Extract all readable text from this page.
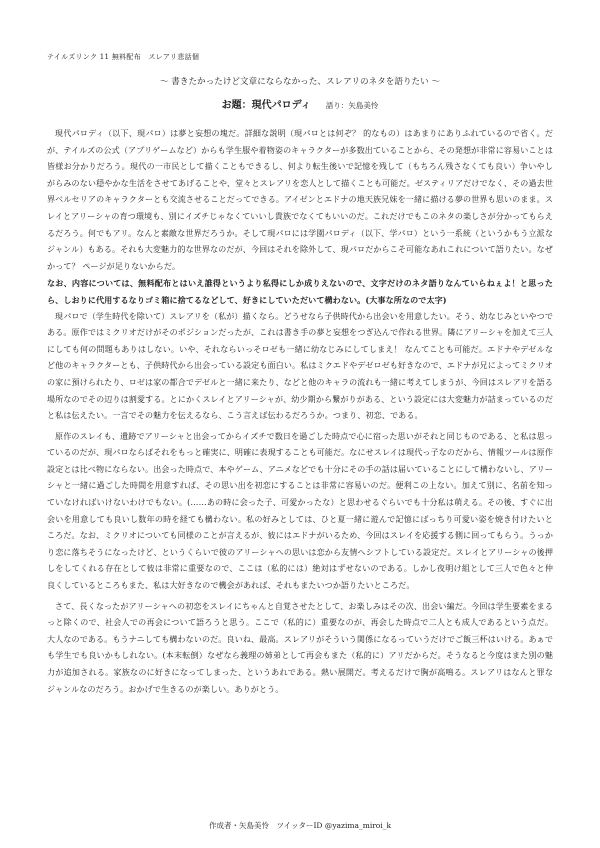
テイルズリンク 11 無料配布　スレアリ悲話個
〜 書きたかったけど文章にならなかった、スレアリのネタを語りたい 〜
お題：現代パロディ 語り：矢島美怜

現代パロディ（以下、現パロ）は夢と妄想の塊だ。詳細な説明（現パロとは何ぞ？ 的なもの）はあまりにありふれているので省く。だが、テイルズの公式（アプリゲームなど）からも学生服や着物姿のキャラクターが多数出ていることから、その発想が非常に容易いことは皆様お分かりだろう。現代の一市民として描くこともできるし、何より転生後いで記憶を残して（もちろん残さなくても良い）争いやしがらみのない穏やかな生活をさせてあげることや、堂々とスレアリを恋人として描くことも可能だ。ゼスティリアだけでなく、その過去世界ベルセリアのキャラクターとも交流させることだってできる。アイゼンとエドナの地天族兄妹を一緒に描ける夢の世界も思いのまま。スレイとアリーシャの育つ環境も、別にイズチじゃなくていいし貴族でなくてもいいのだ。これだけでもこのネタの楽しさが分かってもらえるだろう。何でもアリ。なんと素敵な世界だろうか。そして現パロには学園パロディ（以下、学パロ）という一系統（というかもう立派なジャンル）もある。それも大変魅力的な世界なのだが、今回はそれを除外して、現パロだからこそ可能なあれこれについて語りたい。なぜかって？ ページが足りないからだ。

なお、内容については、無料配布とはいえ誰得というより私得にしか成りえないので、文字だけのネタ語りなんていらねぇよ！と思ったら、しおりに代用するなりゴミ箱に捨てるなどして、好きにしていただいて構わない。(大事な所なので太字)

現パロで（学生時代を除いて）スレアリを（私が）描くなら。どうせなら子供時代から出会いを用意したい。そう、幼なじみといやつである。原作ではミクリオだけがそのポジションだったが、これは書き手の夢と妄想をつぎ込んで作れる世界。隣にアリーシャを加えて三人にしても何の問題もありはしない。いや、それならいっそロゼも一緒に幼なじみにしてしまえ！ なんてことも可能だ。エドナやデゼルなど他のキャラクターとも、子供時代から出会っている設定も面白い。私はミクエドやデゼロゼも好きなので、エドナが兄によってミクリオの家に預けられたり、ロゼは家の都合でデゼルと一緒に来たり、などと他のキャラの流れも一緒に考えてしまうが、今回はスレアリを語る場所なのでその辺りは割愛する。とにかくスレイとアリーシャが、幼少期から繋がりがある、という設定には大変魅力が詰まっているのだと私は伝えたい。一言でその魅力を伝えるなら、こう言えば伝わるだろうか。つまり、初恋、である。

原作のスレイも、遺跡でアリーシャと出会ってからイズチで数日を過ごした時点で心に宿った思いがそれと同じものである、と私は思っているのだが、現パロならばそれをもっと確実に、明確に表現することも可能だ。なにせスレイは現代っ子なのだから、情報ツールは原作設定とは比べ物にならない。出会った時点で、本やゲーム、アニメなどでも十分にその手の話は届いていることにして構わないし、アリーシャと一緒に過ごした時間を用意すれば、その思い出を初恋にすることは非常に容易いのだ。便利この上ない。加えて別に、名前を知っていなければいけないわけでもない。(……あの時に会った子、可愛かったな）と思わせるぐらいでも十分私は萌える。その後、すぐに出会いを用意しても良いし数年の時を経ても構わない。私の好みとしては、ひと夏一緒に遊んで記憶にばっちり可愛い姿を焼き付けたいところだ。なお、ミクリオについても同様のことが言えるが、彼にはエドナがいるため、今回はスレイを応援する側に回ってもらう。うっかり恋に落ちそうになったけど、というくらいで彼のアリーシャへの思いは恋から友情へシフトしている設定だ。スレイとアリーシャの後押しをしてくれる存在として彼は非常に重要なので、ここは（私的には）絶対はずせないのである。しかし夜明け組として三人で色々と仲良くしているところもまた、私は大好きなので機会があれば、それもまたいつか語りたいところだ。

さて、長くなったがアリーシャへの初恋をスレイにちゃんと自覚させたとして、お楽しみはその次、出会い編だ。今回は学生要素をまるっと除くので、社会人での再会について語ろうと思う。ここで（私的に）重要なのが、再会した時点で二人とも成人であるという点だ。大人なのである。もうナニしても構わないのだ。良いね、最高。スレアリがそういう関係になるっていうだけでご飯三杯はいける。あぁでも学生でも良いかもしれない。(本末転倒）なぜなら義理の姉弟として再会もまた（私的に）アリだからだ。そうなると今度はまた別の魅力が追加される。家族なのに好きになってしまった、というあれである。熱い展開だ。考えるだけで胸が高鳴る。スレアリはなんと罪なジャンルなのだろう。おかげで生きるのが楽しい。ありがとう。

作成者・矢島美怜　ツイッターID @yazima_miroi_k
